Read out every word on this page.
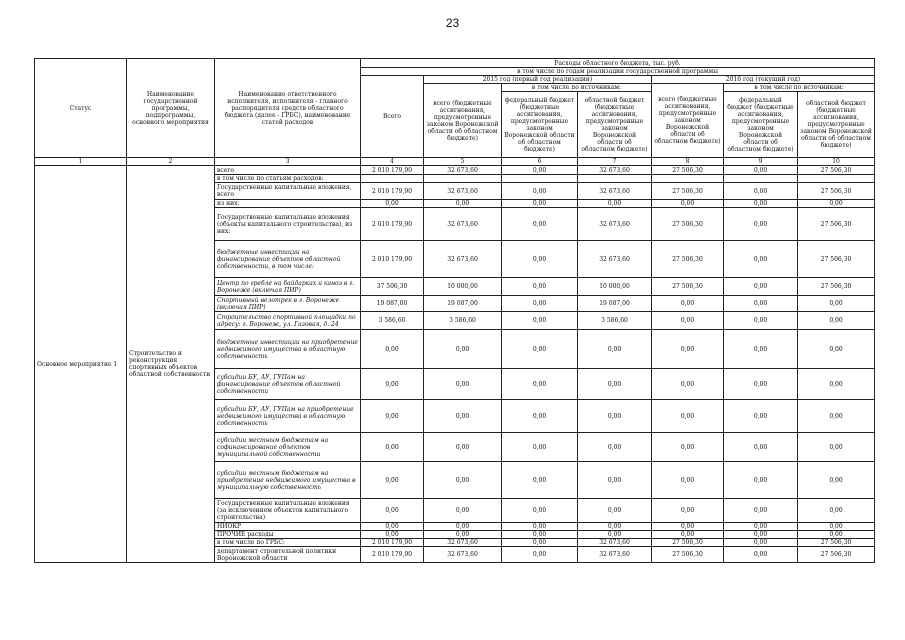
23
Статус	Наименование государственной программы, подпрограммы, основного мероприятия	Наименование ответственного исполнителя, исполнителя - главного распорядителя средств областного бюджета (далее - ГРБС), наименование статей расходов	Расходы областного бюджета, тыс. руб.						
			в том числе по годам реализации государственной программы						
			Всего	2015 год (первый год реализации)			2016 год (текущий год)		
				всего (бюджетные ассигнования, предусмотренные законом Воронежской области об областном бюджете)	в том числе по источникам:		всего (бюджетные ассигнования, предусмотренные законом Воронежской области об областном бюджете)	в том числе по источникам:	
					федеральный бюджет (бюджетные ассигнования, предусмотренные законом Воронежской области об областном бюджете)	областной бюджет (бюджетные ассигнования, предусмотренные законом Воронежской области об областном бюджете)		федеральный бюджет (бюджетные ассигнования, предусмотренные законом Воронежской области об областном бюджете)	областной бюджет (бюджетные ассигнования, предусмотренные законом Воронежской области об областном бюджете)
1	2	3	4	5	6	7	8	9	10
Основное мероприятие 1	Строительство и реконструкция спортивных объектов областной собственности	всего	2 010 179,90	32 673,60	0,00	32 673,60	27 506,30	0,00	27 506,30
		в том числе по статьям расходов:							
		Государственные капитальные вложения, всего	2 010 179,90	32 673,60	0,00	32 673,60	27 506,30	0,00	27 506,30
		из них:	0,00	0,00	0,00	0,00	0,00	0,00	0,00
		Государственные капитальные вложения (объекты капитального строительства), из них:	2 010 179,90	32 673,60	0,00	32 673,60	27 506,30	0,00	27 506,30
		бюджетные инвестиции на финансирование объектов областной собственности, в том числе:	2 010 179,90	32 673,60	0,00	32 673,60	27 506,30	0,00	27 506,30
		Центр по гребле на байдарках и каноэ в г. Воронеже (включая ПИР)	37 506,30	10 000,00	0,00	10 000,00	27 506,30	0,00	27 506,30
		Спортивный велотрек в г. Воронеже (включая ПИР)	19 087,00	19 087,00	0,00	19 087,00	0,00	0,00	0,00
		Строительство спортивной площадки по адресу: г. Воронеж, ул. Газовая, д. 24	3 586,60	3 586,60	0,00	3 586,60	0,00	0,00	0,00
		бюджетные инвестиции на приобретение недвижимого имущества в областную собственность	0,00	0,00	0,00	0,00	0,00	0,00	0,00
		субсидии БУ, АУ, ГУПам на финансирование объектов областной собственности	0,00	0,00	0,00	0,00	0,00	0,00	0,00
		субсидии БУ, АУ, ГУПам на приобретение недвижимого имущества в областную собственность	0,00	0,00	0,00	0,00	0,00	0,00	0,00
		субсидии местным бюджетам на софинансирование объектов муниципальной собственности	0,00	0,00	0,00	0,00	0,00	0,00	0,00
		субсидии местным бюджетам на приобретение недвижимого имущества в муниципальную собственность	0,00	0,00	0,00	0,00	0,00	0,00	0,00
		Государственные капитальные вложения (за исключением объектов капитального строительства)	0,00	0,00	0,00	0,00	0,00	0,00	0,00
		НИОКР	0,00	0,00	0,00	0,00	0,00	0,00	0,00
		ПРОЧИЕ расходы	0,00	0,00	0,00	0,00	0,00	0,00	0,00
		в том числе по ГРБС:	2 010 179,90	32 673,60	0,00	32 673,60	27 506,30	0,00	27 506,30
		департамент строительной политики Воронежской области	2 010 179,90	32 673,60	0,00	32 673,60	27 506,30	0,00	27 506,30
